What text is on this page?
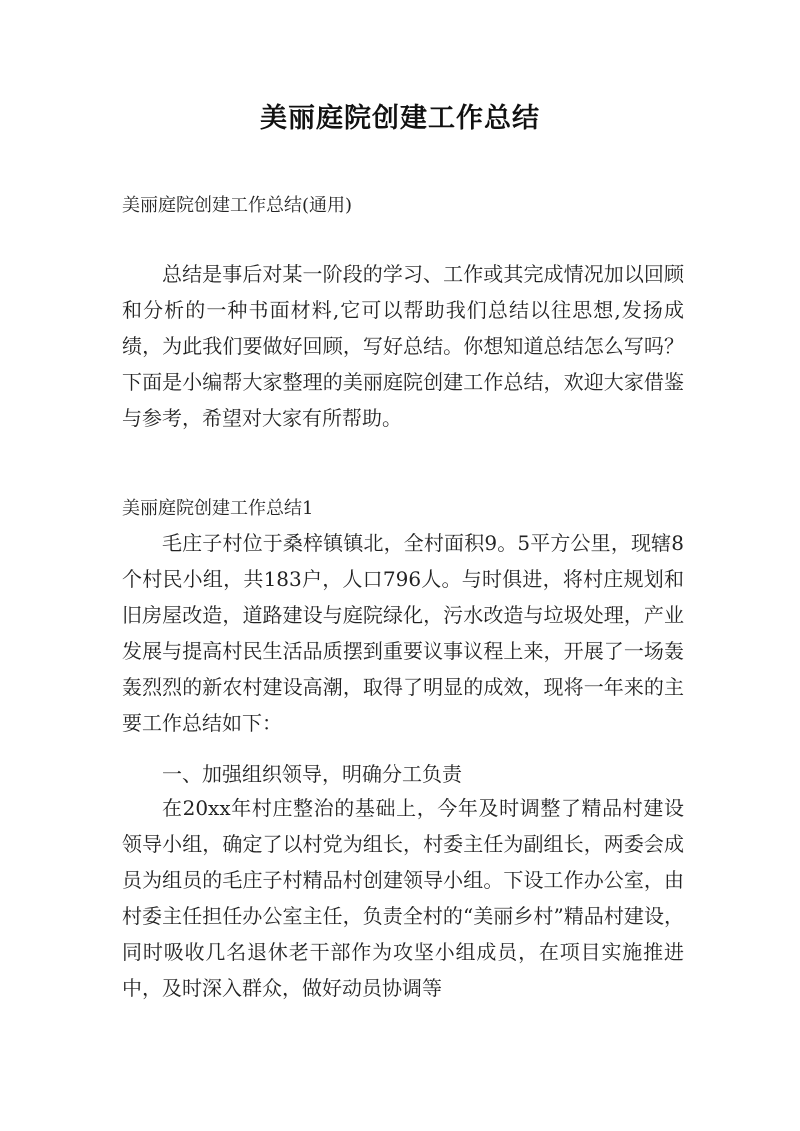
美丽庭院创建工作总结
美丽庭院创建工作总结(通用)
总结是事后对某一阶段的学习、工作或其完成情况加以回顾和分析的一种书面材料,它可以帮助我们总结以往思想,发扬成绩，为此我们要做好回顾，写好总结。你想知道总结怎么写吗？下面是小编帮大家整理的美丽庭院创建工作总结，欢迎大家借鉴与参考，希望对大家有所帮助。
美丽庭院创建工作总结1
毛庄子村位于桑梓镇镇北，全村面积9。5平方公里，现辖8个村民小组，共183户，人口796人。与时俱进，将村庄规划和旧房屋改造，道路建设与庭院绿化，污水改造与垃圾处理，产业发展与提高村民生活品质摆到重要议事议程上来，开展了一场轰轰烈烈的新农村建设高潮，取得了明显的成效，现将一年来的主要工作总结如下：
一、加强组织领导，明确分工负责
在20xx年村庄整治的基础上，今年及时调整了精品村建设领导小组，确定了以村党为组长，村委主任为副组长，两委会成员为组员的毛庄子村精品村创建领导小组。下设工作办公室，由村委主任担任办公室主任，负责全村的“美丽乡村”精品村建设，同时吸收几名退休老干部作为攻坚小组成员，在项目实施推进中，及时深入群众，做好动员协调等
